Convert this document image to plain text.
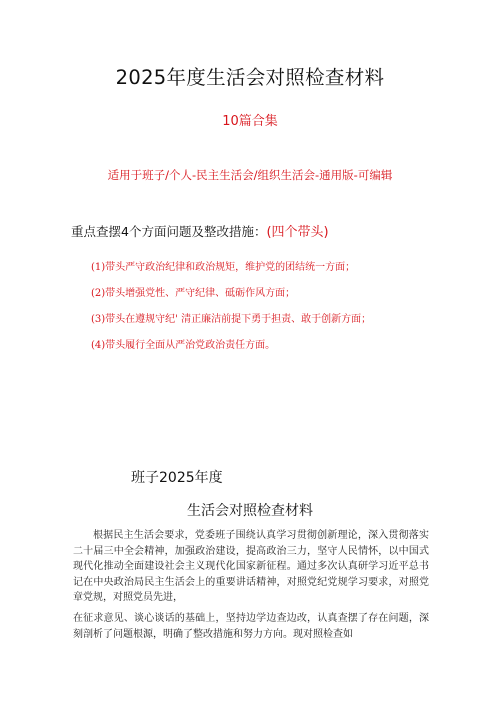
2025年度生活会对照检查材料
10篇合集
适用于班子/个人-民主生活会/组织生活会-通用版-可编辑
重点查摆4个方面问题及整改措施：(四个带头)
(1)带头严守政治纪律和政治规矩，维护党的团结统一方面；
(2)带头增强党性、严守纪律、砥砺作风方面；
(3)带头在遵规守纪' 清正廉洁前提下勇于担责、敢于创新方面；
(4)带头履行全面从严治党政治责任方面。
班子2025年度
生活会对照检查材料
根据民主生活会要求，党委班子围绕认真学习贯彻创新理论，深入贯彻落实二十届三中全会精神，加强政治建设，提高政治三力，坚守人民情怀，以中国式现代化推动全面建设社会主义现代化国家新征程。通过多次认真研学习近平总书记在中央政治局民主生活会上的重要讲话精神，对照党纪党规学习要求，对照党章党规，对照党员先进，
在征求意见、谈心谈话的基础上，坚持边学边查边改，认真查摆了存在问题，深刻剖析了问题根源，明确了整改措施和努力方向。现对照检查如
